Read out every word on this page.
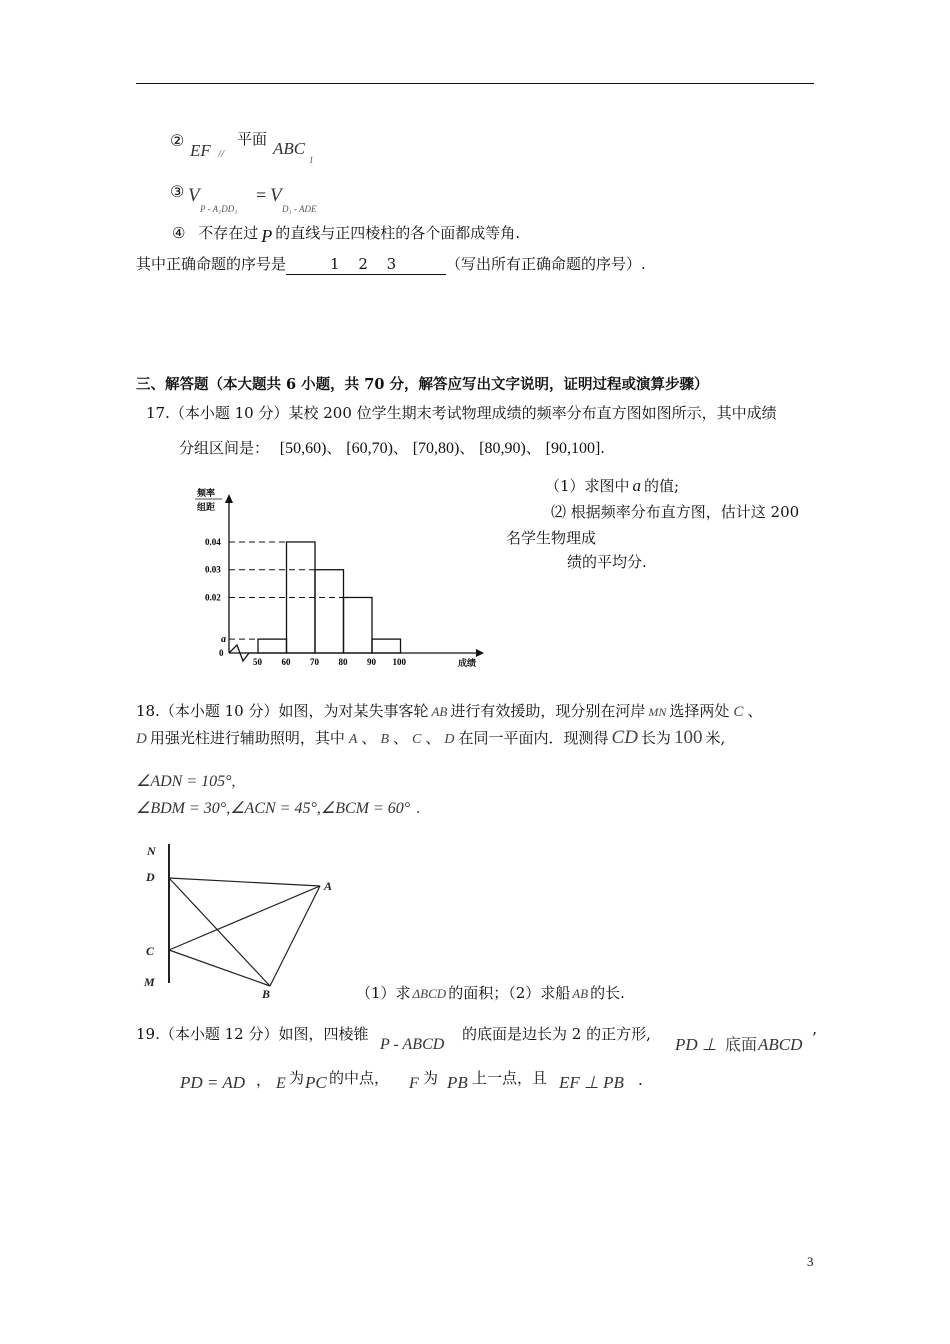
②
EF //
平面 ABC
1
③ V
P - A₁DD₁
= V
D₁ - ADE
④ 不存在过 P 的直线与正四棱柱的各个面都成等角.
其中正确命题的序号是	1 2 3	（写出所有正确命题的序号）.
三、解答题（本大题共 6 小题，共 70 分，解答应写出文字说明，证明过程或演算步骤）
17.（本小题 10 分）某校 200 位学生期末考试物理成绩的频率分布直方图如图所示，其中成绩
分组区间是： [50,60)、 [60,70)、 [70,80)、 [80,90)、 [90,100].
频率
组距
成绩
0.04
0.03
0.02
a
0
50 60 70 80 90 100
（1）求图中 a 的值;
⑵ 根据频率分布直方图，估计这 200
名学生物理成
绩的平均分.
18.（本小题 10 分）如图，为对某失事客轮 AB 进行有效援助，现分别在河岸 MN 选择两处 C 、
D 用强光柱进行辅助照明，其中 A 、 B 、 C 、 D 在同一平面内．现测得 CD 长为 100 米,
∠ADN = 105°,
∠BDM = 30°,∠ACN = 45°,∠BCM = 60° .
N
D
C
M
A
B	（1）求 ΔBCD 的面积；（2）求船 AB 的长.
19.（本小题 12 分）如图，四棱锥
P - ABCD
的底面是边长为 2 的正方形,
PD ⊥ 底面 ABCD ’
PD = AD ， E 为 PC 的中点， F 为 PB 上一点，且 EF ⊥ PB .
3
